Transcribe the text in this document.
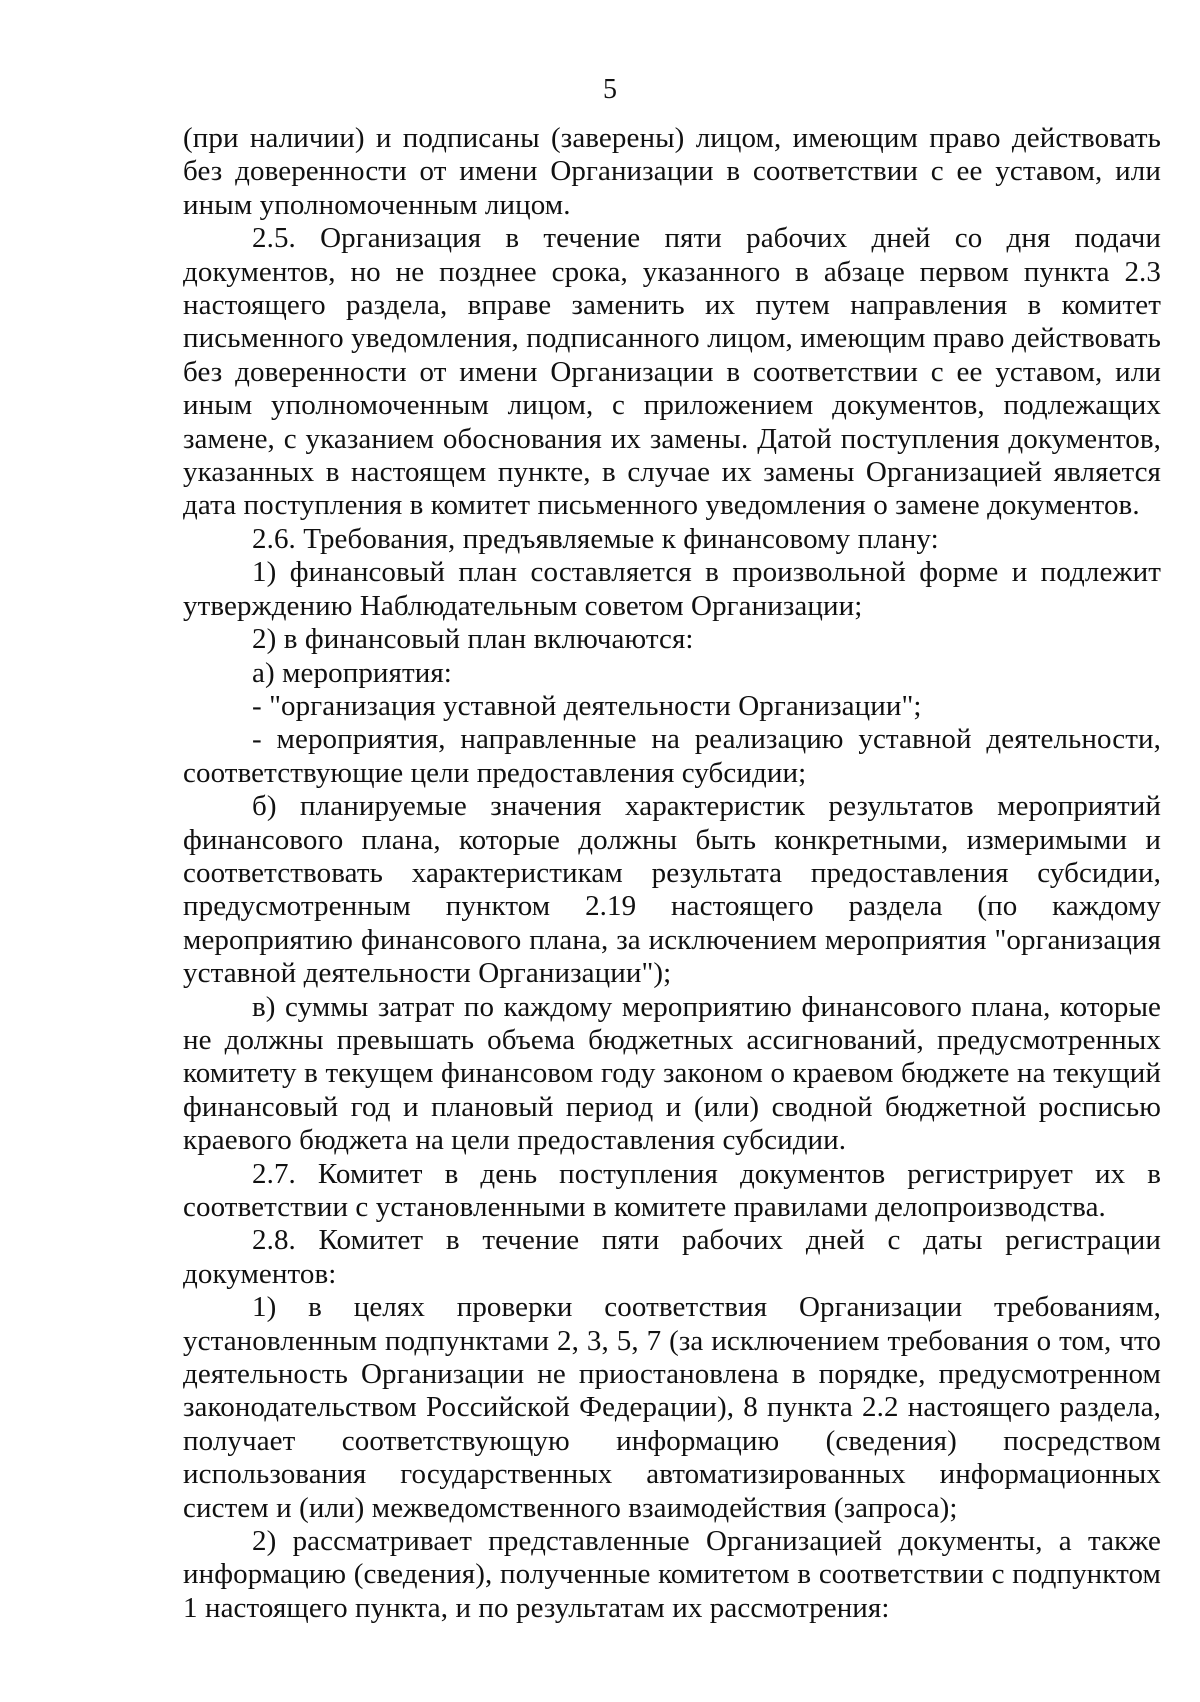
5

(при наличии) и подписаны (заверены) лицом, имеющим право действовать без доверенности от имени Организации в соответствии с ее уставом, или иным уполномоченным лицом.

2.5. Организация в течение пяти рабочих дней со дня подачи документов, но не позднее срока, указанного в абзаце первом пункта 2.3 настоящего раздела, вправе заменить их путем направления в комитет письменного уведомления, подписанного лицом, имеющим право действовать без доверенности от имени Организации в соответствии с ее уставом, или иным уполномоченным лицом, с приложением документов, подлежащих замене, с указанием обоснования их замены. Датой поступления документов, указанных в настоящем пункте, в случае их замены Организацией является дата поступления в комитет письменного уведомления о замене документов.

2.6. Требования, предъявляемые к финансовому плану:

1) финансовый план составляется в произвольной форме и подлежит утверждению Наблюдательным советом Организации;

2) в финансовый план включаются:

а) мероприятия:

- "организация уставной деятельности Организации";

- мероприятия, направленные на реализацию уставной деятельности, соответствующие цели предоставления субсидии;

б) планируемые значения характеристик результатов мероприятий финансового плана, которые должны быть конкретными, измеримыми и соответствовать характеристикам результата предоставления субсидии, предусмотренным пунктом 2.19 настоящего раздела (по каждому мероприятию финансового плана, за исключением мероприятия "организация уставной деятельности Организации");

в) суммы затрат по каждому мероприятию финансового плана, которые не должны превышать объема бюджетных ассигнований, предусмотренных комитету в текущем финансовом году законом о краевом бюджете на текущий финансовый год и плановый период и (или) сводной бюджетной росписью краевого бюджета на цели предоставления субсидии.

2.7. Комитет в день поступления документов регистрирует их в соответствии с установленными в комитете правилами делопроизводства.

2.8. Комитет в течение пяти рабочих дней с даты регистрации документов:

1) в целях проверки соответствия Организации требованиям, установленным подпунктами 2, 3, 5, 7 (за исключением требования о том, что деятельность Организации не приостановлена в порядке, предусмотренном законодательством Российской Федерации), 8 пункта 2.2 настоящего раздела, получает соответствующую информацию (сведения) посредством использования государственных автоматизированных информационных систем и (или) межведомственного взаимодействия (запроса);

2) рассматривает представленные Организацией документы, а также информацию (сведения), полученные комитетом в соответствии с подпунктом 1 настоящего пункта, и по результатам их рассмотрения:
